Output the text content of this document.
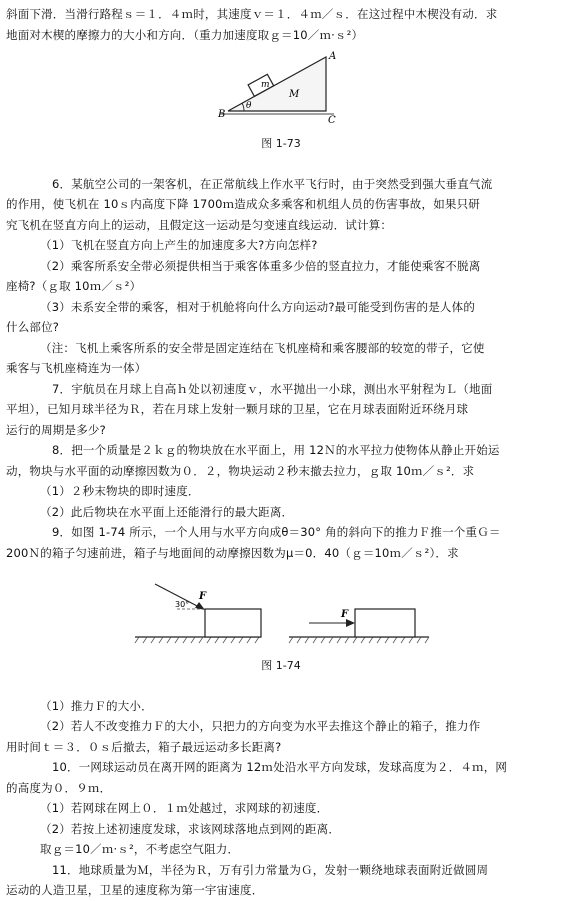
斜面下滑．当滑行路程ｓ＝１．４ｍ时，其速度ｖ＝１．４ｍ／ｓ．在这过程中木楔没有动．求

地面对木楔的摩擦力的大小和方向．（重力加速度取ｇ＝10／ｍ·ｓ²）

m
M
θ
A
B
C
图 1-73

6．某航空公司的一架客机，在正常航线上作水平飞行时，由于突然受到强大垂直气流

的作用，使飞机在 10ｓ内高度下降 1700ｍ造成众多乘客和机组人员的伤害事故，如果只研

究飞机在竖直方向上的运动，且假定这一运动是匀变速直线运动．试计算：

（1）飞机在竖直方向上产生的加速度多大?方向怎样?

（2）乘客所系安全带必须提供相当于乘客体重多少倍的竖直拉力，才能使乘客不脱离

座椅?（ｇ取 10ｍ／ｓ²）

（3）未系安全带的乘客，相对于机舱将向什么方向运动?最可能受到伤害的是人体的

什么部位?

（注：飞机上乘客所系的安全带是固定连结在飞机座椅和乘客腰部的较宽的带子，它使

乘客与飞机座椅连为一体）

7．宇航员在月球上自高ｈ处以初速度ｖ，水平抛出一小球，测出水平射程为Ｌ（地面

平坦），已知月球半径为Ｒ，若在月球上发射一颗月球的卫星，它在月球表面附近环绕月球

运行的周期是多少?

8．把一个质量是２ｋｇ的物块放在水平面上，用 12Ｎ的水平拉力使物体从静止开始运

动，物块与水平面的动摩擦因数为０．２，物块运动２秒末撤去拉力，ｇ取 10ｍ／ｓ²．求

（1）２秒末物块的即时速度．

（2）此后物块在水平面上还能滑行的最大距离．

9．如图 1-74 所示，一个人用与水平方向成θ＝30° 角的斜向下的推力Ｆ推一个重Ｇ＝

200Ｎ的箱子匀速前进，箱子与地面间的动摩擦因数为μ＝0．40（ｇ＝10ｍ／ｓ²）．求

F
30°
F
图 1-74

（1）推力Ｆ的大小．

（2）若人不改变推力Ｆ的大小，只把力的方向变为水平去推这个静止的箱子，推力作

用时间ｔ＝３．０ｓ后撤去，箱子最远运动多长距离?

10．一网球运动员在离开网的距离为 12ｍ处沿水平方向发球，发球高度为２．４ｍ，网

的高度为０．９ｍ．

（1）若网球在网上０．１ｍ处越过，求网球的初速度．

（2）若按上述初速度发球，求该网球落地点到网的距离．

取ｇ＝10／ｍ·ｓ²，不考虑空气阻力．

11．地球质量为Ｍ，半径为Ｒ，万有引力常量为Ｇ，发射一颗绕地球表面附近做圆周

运动的人造卫星，卫星的速度称为第一宇宙速度．
